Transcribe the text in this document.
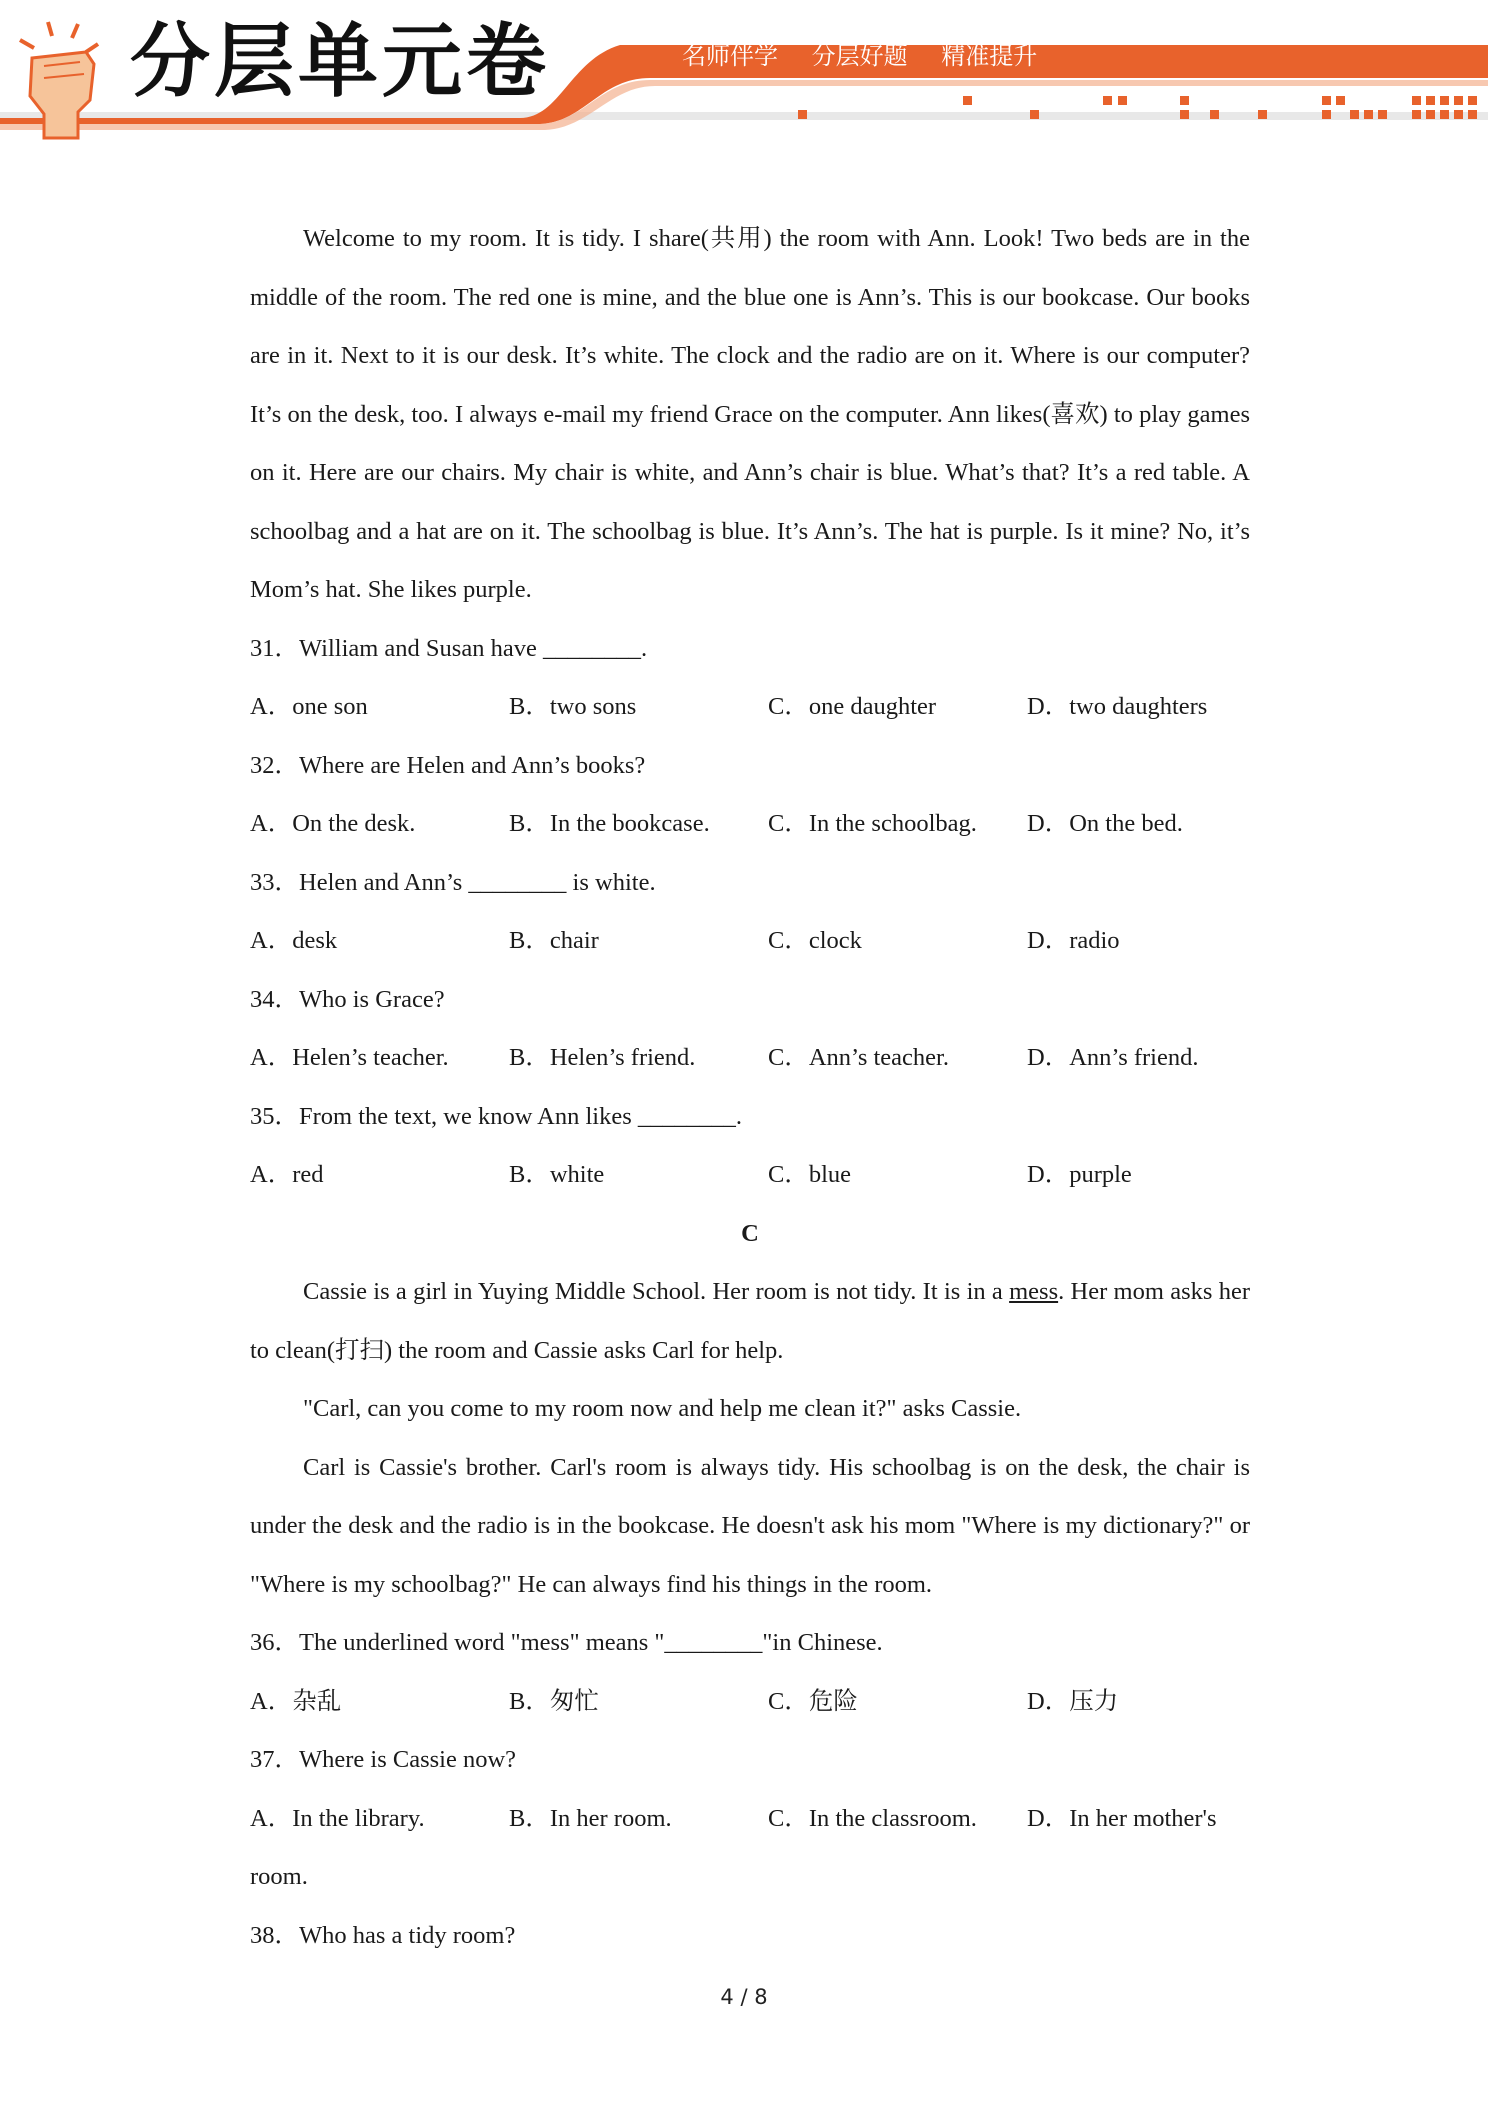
分层单元卷	名师伴学 分层好题 精准提升

Welcome to my room. It is tidy. I share(共用) the room with Ann. Look! Two beds are in the middle of the room. The red one is mine, and the blue one is Ann’s. This is our bookcase. Our books are in it. Next to it is our desk. It’s white. The clock and the radio are on it. Where is our computer? It’s on the desk, too. I always e-mail my friend Grace on the computer. Ann likes(喜欢) to play games on it. Here are our chairs. My chair is white, and Ann’s chair is blue. What’s that? It’s a red table. A schoolbag and a hat are on it. The schoolbag is blue. It’s Ann’s. The hat is purple. Is it mine? No, it’s Mom’s hat. She likes purple.

31．William and Susan have ________.

A．one son	B．two sons	C．one daughter	D．two daughters

32．Where are Helen and Ann’s books?

A．On the desk.	B．In the bookcase.	C．In the schoolbag.	D．On the bed.

33．Helen and Ann’s ________ is white.

A．desk	B．chair	C．clock	D．radio

34．Who is Grace?

A．Helen’s teacher.	B．Helen’s friend.	C．Ann’s teacher.	D．Ann’s friend.

35．From the text, we know Ann likes ________.

A．red	B．white	C．blue	D．purple

C

Cassie is a girl in Yuying Middle School. Her room is not tidy. It is in a mess. Her mom asks her to clean(打扫) the room and Cassie asks Carl for help.

"Carl, can you come to my room now and help me clean it?" asks Cassie.

Carl is Cassie's brother. Carl's room is always tidy. His schoolbag is on the desk, the chair is under the desk and the radio is in the bookcase. He doesn't ask his mom "Where is my dictionary?" or "Where is my schoolbag?" He can always find his things in the room.

36．The underlined word "mess" means "________"in Chinese.

A．杂乱	B．匆忙	C．危险	D．压力

37．Where is Cassie now?

A．In the library.	B．In her room.	C．In the classroom.	D．In her mother's

room.

38．Who has a tidy room?

4 / 8
